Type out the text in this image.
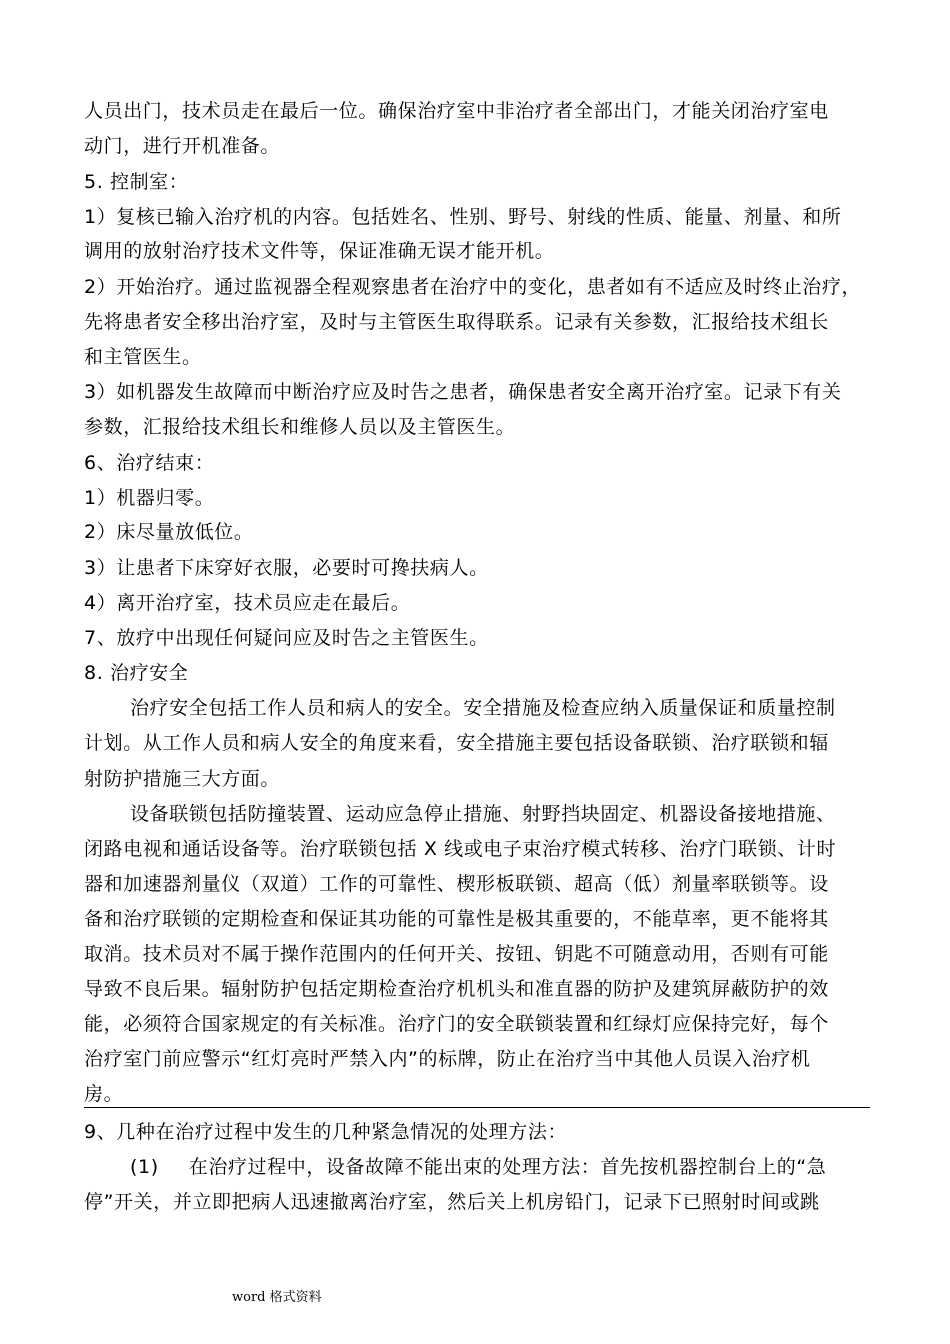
人员出门，技术员走在最后一位。确保治疗室中非治疗者全部出门，才能关闭治疗室电
动门，进行开机准备。
5. 控制室：
1）复核已输入治疗机的内容。包括姓名、性别、野号、射线的性质、能量、剂量、和所
调用的放射治疗技术文件等，保证准确无误才能开机。
2）开始治疗。通过监视器全程观察患者在治疗中的变化，患者如有不适应及时终止治疗，
先将患者安全移出治疗室，及时与主管医生取得联系。记录有关参数，汇报给技术组长
和主管医生。
3）如机器发生故障而中断治疗应及时告之患者，确保患者安全离开治疗室。记录下有关
参数，汇报给技术组长和维修人员以及主管医生。
6、治疗结束：
1）机器归零。
2）床尽量放低位。
3）让患者下床穿好衣服，必要时可搀扶病人。
4）离开治疗室，技术员应走在最后。
7、放疗中出现任何疑问应及时告之主管医生。
8. 治疗安全
治疗安全包括工作人员和病人的安全。安全措施及检查应纳入质量保证和质量控制
计划。从工作人员和病人安全的角度来看，安全措施主要包括设备联锁、治疗联锁和辐
射防护措施三大方面。
设备联锁包括防撞装置、运动应急停止措施、射野挡块固定、机器设备接地措施、
闭路电视和通话设备等。治疗联锁包括 X 线或电子束治疗模式转移、治疗门联锁、计时
器和加速器剂量仪（双道）工作的可靠性、楔形板联锁、超高（低）剂量率联锁等。设
备和治疗联锁的定期检查和保证其功能的可靠性是极其重要的，不能草率，更不能将其
取消。技术员对不属于操作范围内的任何开关、按钮、钥匙不可随意动用，否则有可能
导致不良后果。辐射防护包括定期检查治疗机机头和准直器的防护及建筑屏蔽防护的效
能，必须符合国家规定的有关标准。治疗门的安全联锁装置和红绿灯应保持完好，每个
治疗室门前应警示“红灯亮时严禁入内”的标牌，防止在治疗当中其他人员误入治疗机
房。
9、几种在治疗过程中发生的几种紧急情况的处理方法：
(1) 在治疗过程中，设备故障不能出束的处理方法：首先按机器控制台上的“急
停”开关，并立即把病人迅速撤离治疗室，然后关上机房铅门，记录下已照射时间或跳
word 格式资料
